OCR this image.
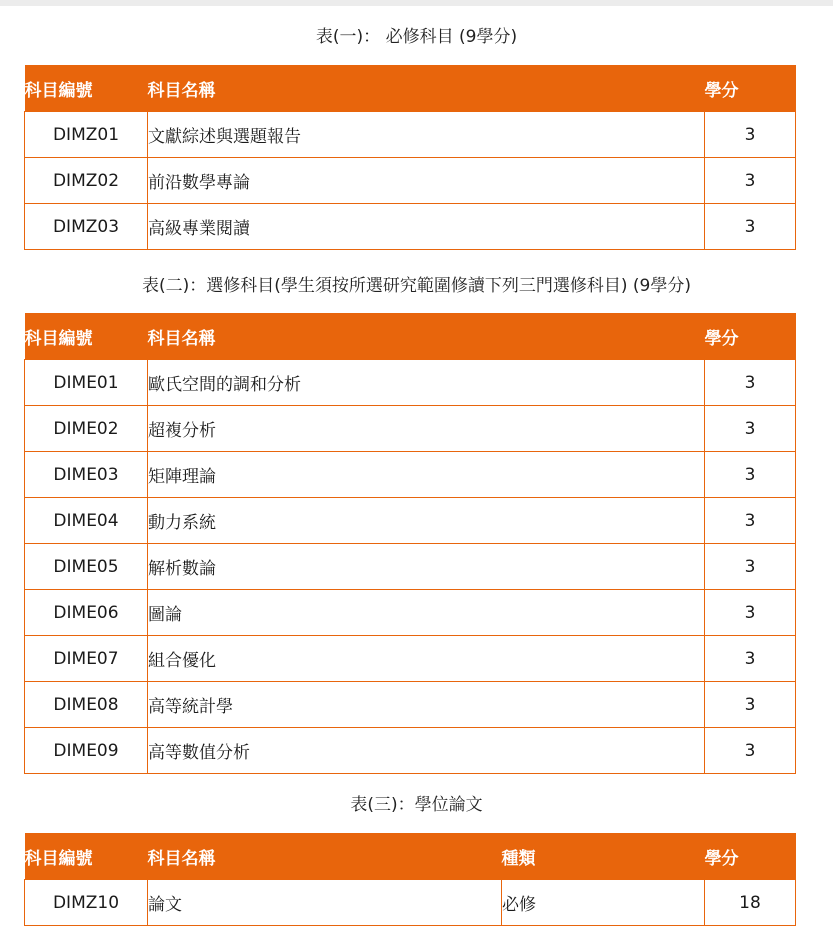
表(一)： 必修科目 (9學分)
科目編號	科目名稱	學分
DIMZ01	文獻綜述與選題報告	3
DIMZ02	前沿數學專論	3
DIMZ03	高級專業閱讀	3
表(二)：選修科目(學生須按所選研究範圍修讀下列三門選修科目) (9學分)
科目編號	科目名稱	學分
DIME01	歐氏空間的調和分析	3
DIME02	超複分析	3
DIME03	矩陣理論	3
DIME04	動力系統	3
DIME05	解析數論	3
DIME06	圖論	3
DIME07	組合優化	3
DIME08	高等統計學	3
DIME09	高等數值分析	3
表(三)：學位論文
科目編號	科目名稱	種類	學分
DIMZ10	論文	必修	18
